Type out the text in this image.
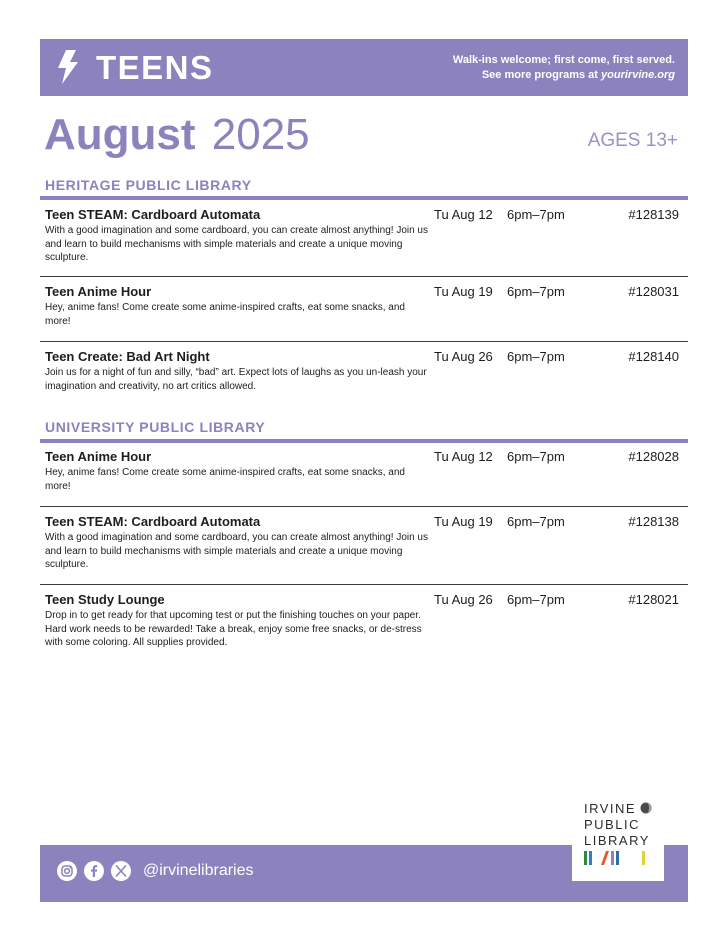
TEENS	Walk-ins welcome; first come, first served.
See more programs at yourirvine.org
August 2025	AGES 13+
HERITAGE PUBLIC LIBRARY
Teen STEAM: Cardboard Automata
With a good imagination and some cardboard, you can create almost anything! Join us and learn to build mechanisms with simple materials and create a unique moving sculpture.
Tu Aug 12 6pm–7pm	#128139
Teen Anime Hour
Hey, anime fans! Come create some anime-inspired crafts, eat some snacks, and more!
Tu Aug 19 6pm–7pm	#128031
Teen Create: Bad Art Night
Join us for a night of fun and silly, “bad” art. Expect lots of laughs as you un-leash your imagination and creativity, no art critics allowed.
Tu Aug 26 6pm–7pm	#128140
UNIVERSITY PUBLIC LIBRARY
Teen Anime Hour
Hey, anime fans! Come create some anime-inspired crafts, eat some snacks, and more!
Tu Aug 12 6pm–7pm	#128028
Teen STEAM: Cardboard Automata
With a good imagination and some cardboard, you can create almost anything! Join us and learn to build mechanisms with simple materials and create a unique moving sculpture.
Tu Aug 19 6pm–7pm	#128138
Teen Study Lounge
Drop in to get ready for that upcoming test or put the finishing touches on your paper. Hard work needs to be rewarded! Take a break, enjoy some free snacks, or de-stress with some coloring. All supplies provided.
Tu Aug 26 6pm–7pm	#128021
IRVINE
PUBLIC
LIBRARY
@irvinelibraries
